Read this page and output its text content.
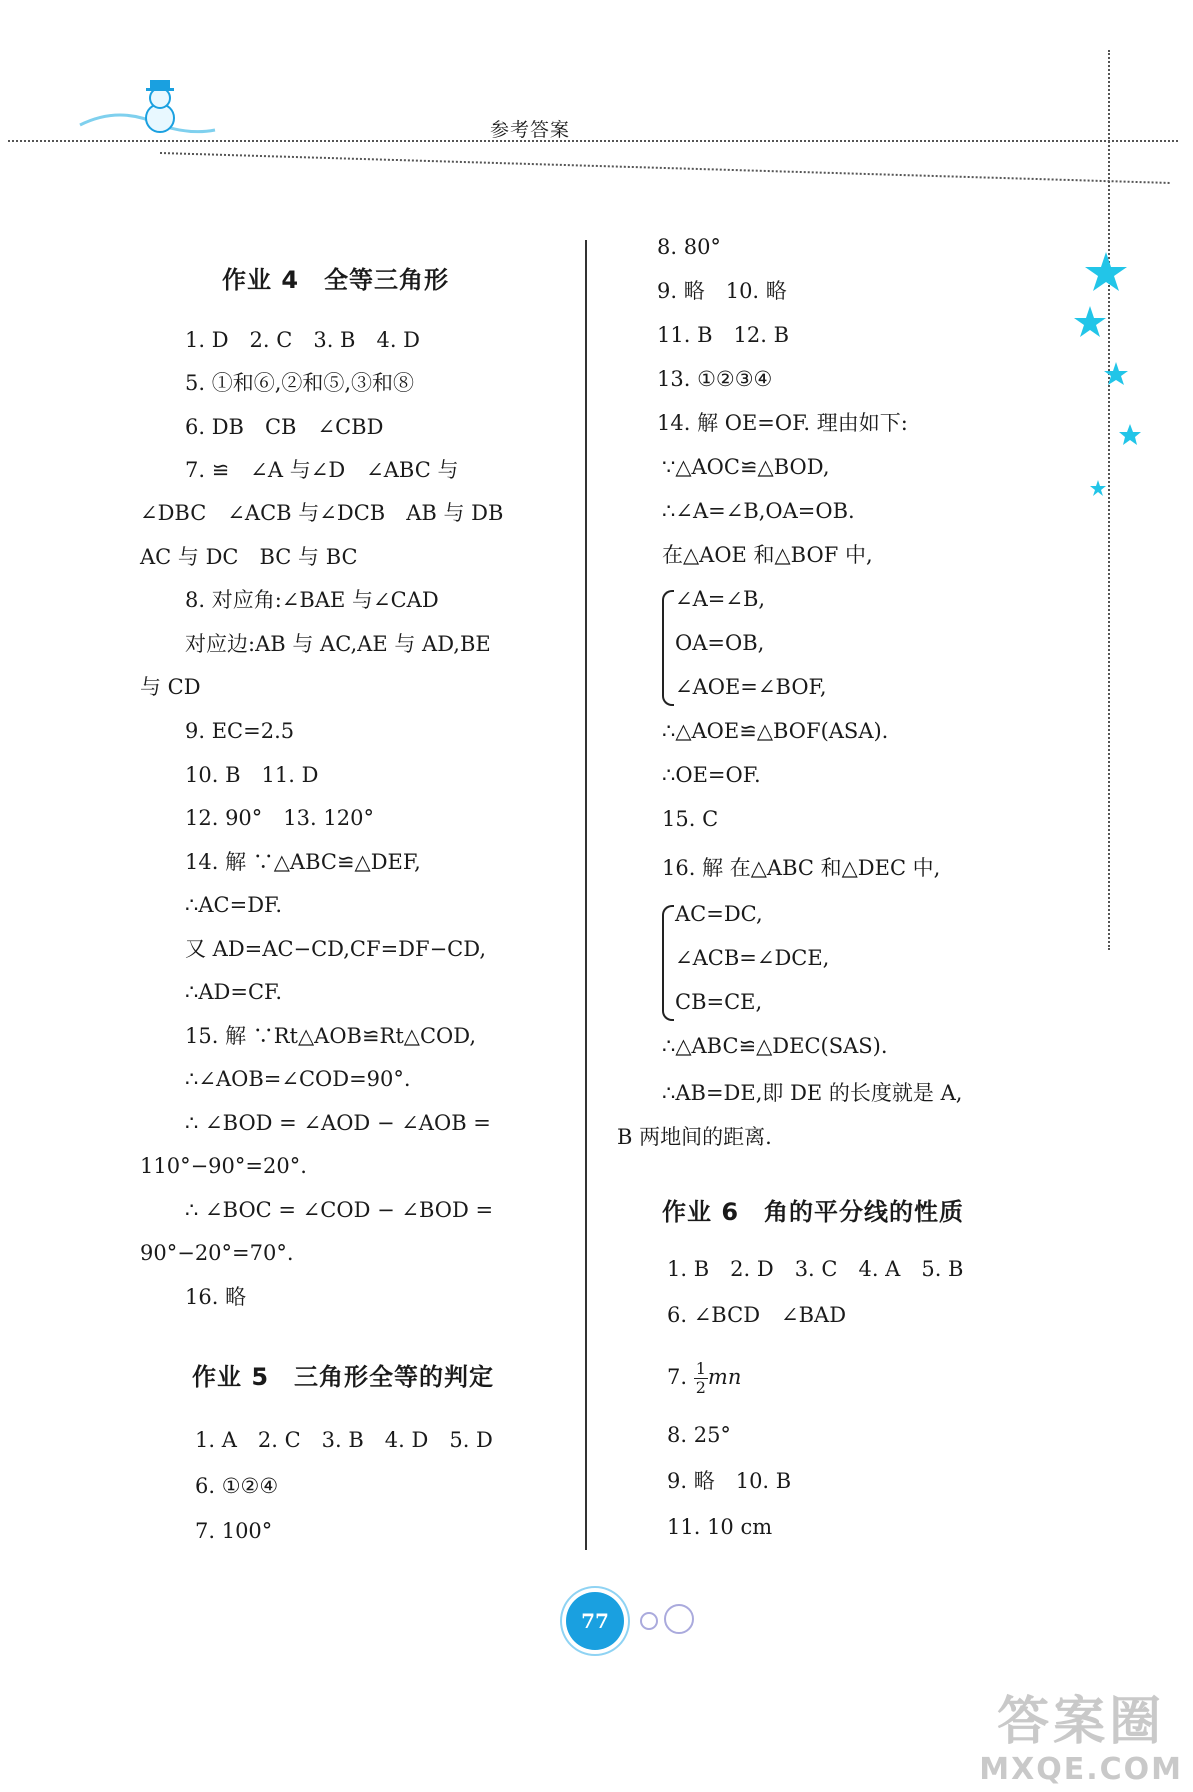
参考答案
作业 4　全等三角形
1. D　2. C　3. B　4. D
5. ①和⑥,②和⑤,③和⑧
6. DB　CB　∠CBD
7. ≌　∠A 与∠D　∠ABC 与
∠DBC　∠ACB 与∠DCB　AB 与 DB
AC 与 DC　BC 与 BC
8. 对应角:∠BAE 与∠CAD
对应边:AB 与 AC,AE 与 AD,BE
与 CD
9. EC=2.5
10. B　11. D
12. 90°　13. 120°
14. 解 ∵△ABC≌△DEF,
∴AC=DF.
又 AD=AC−CD,CF=DF−CD,
∴AD=CF.
15. 解 ∵Rt△AOB≌Rt△COD,
∴∠AOB=∠COD=90°.
∴ ∠BOD = ∠AOD − ∠AOB =
110°−90°=20°.
∴ ∠BOC = ∠COD − ∠BOD =
90°−20°=70°.
16. 略
作业 5　三角形全等的判定
1. A　2. C　3. B　4. D　5. D
6. ①②④
7. 100°
8. 80°
9. 略　10. 略
11. B　12. B
13. ①②③④
14. 解 OE=OF. 理由如下:
∵△AOC≌△BOD,
∴∠A=∠B,OA=OB.
在△AOE 和△BOF 中,
∠A=∠B,
OA=OB,
∠AOE=∠BOF,
∴△AOE≌△BOF(ASA).
∴OE=OF.
15. C
16. 解 在△ABC 和△DEC 中,
AC=DC,
∠ACB=∠DCE,
CB=CE,
∴△ABC≌△DEC(SAS).
∴AB=DE,即 DE 的长度就是 A,
B 两地间的距离.
作业 6　角的平分线的性质
1. B　2. D　3. C　4. A　5. B
6. ∠BCD　∠BAD
7. $\frac{1}{2}$ mn
8. 25°
9. 略　10. B
11. 10 cm
77
答案圈
MXQE.COM
